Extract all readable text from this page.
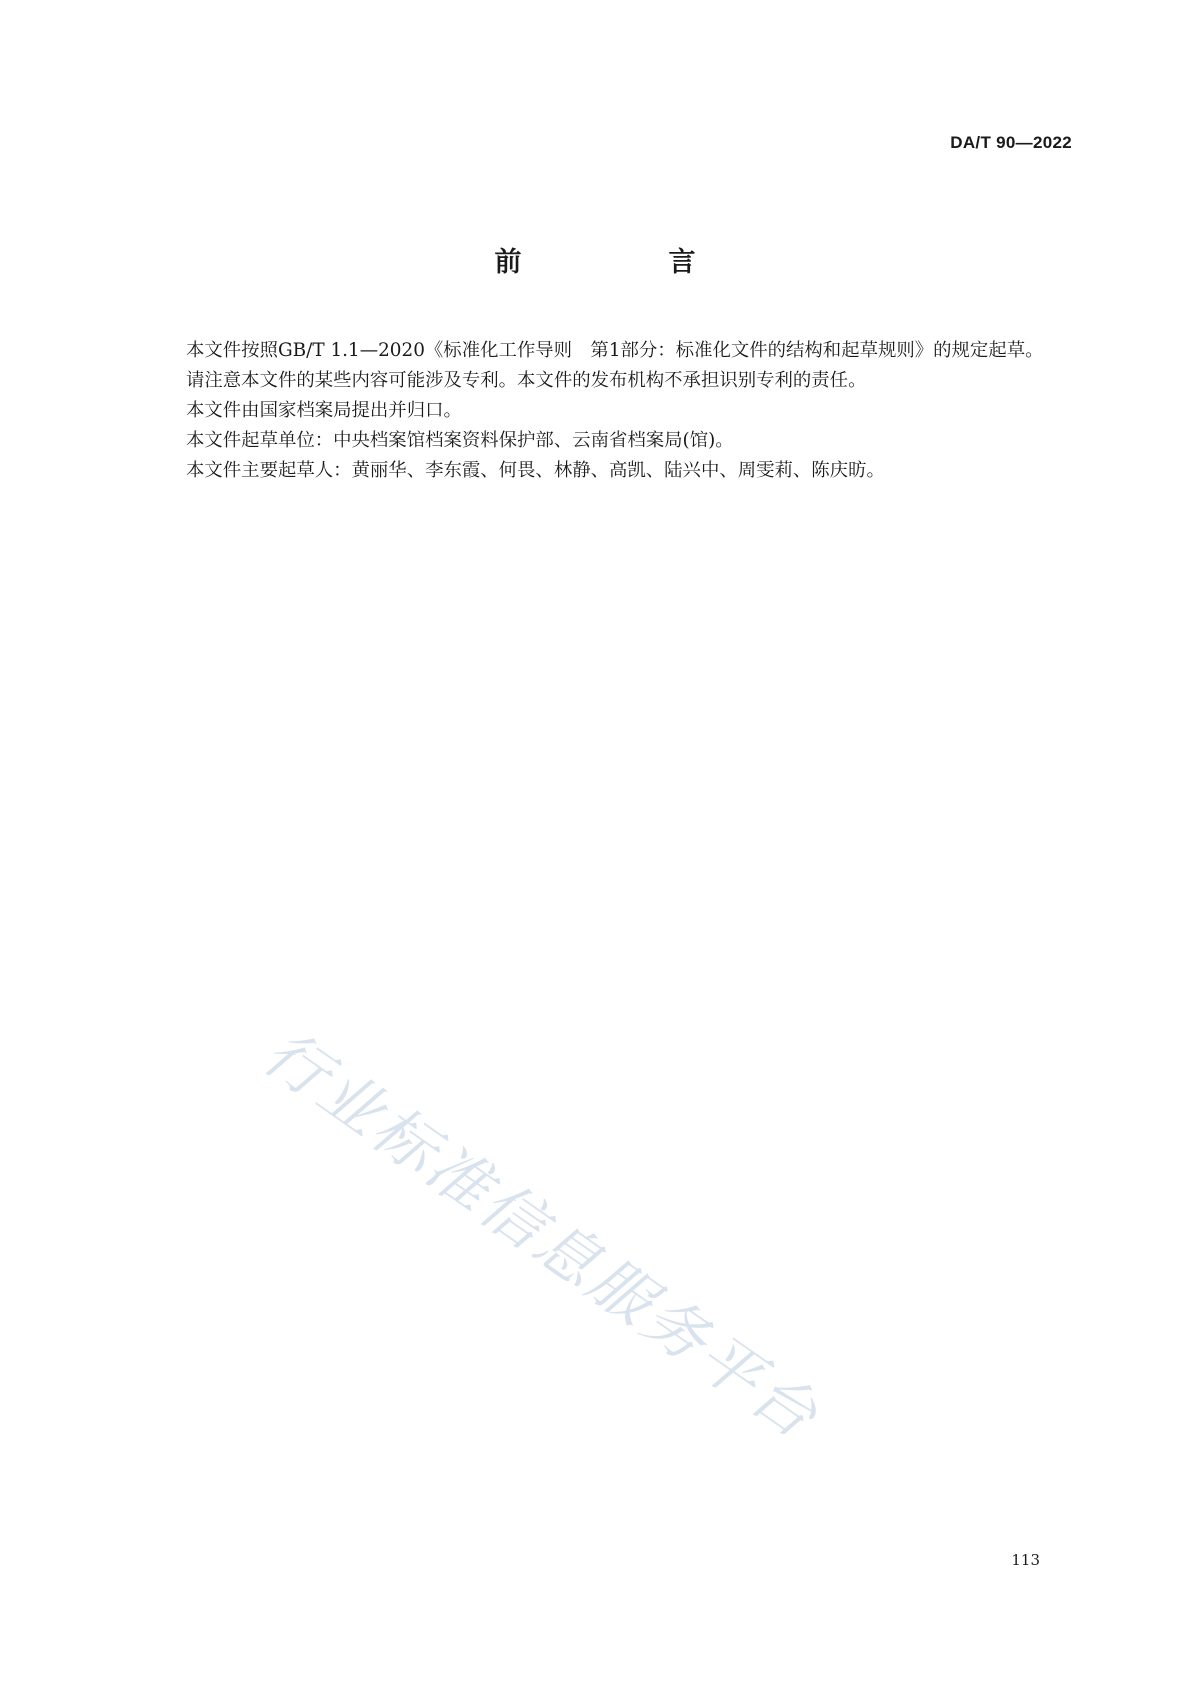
DA/T 90—2022
前　言

本文件按照GB/T 1.1—2020《标准化工作导则　第1部分：标准化文件的结构和起草规则》的规定起草。

请注意本文件的某些内容可能涉及专利。本文件的发布机构不承担识别专利的责任。

本文件由国家档案局提出并归口。

本文件起草单位：中央档案馆档案资料保护部、云南省档案局(馆)。

本文件主要起草人：黄丽华、李东霞、何畏、林静、高凯、陆兴中、周雯莉、陈庆昉。

行业标准信息服务平台
113
